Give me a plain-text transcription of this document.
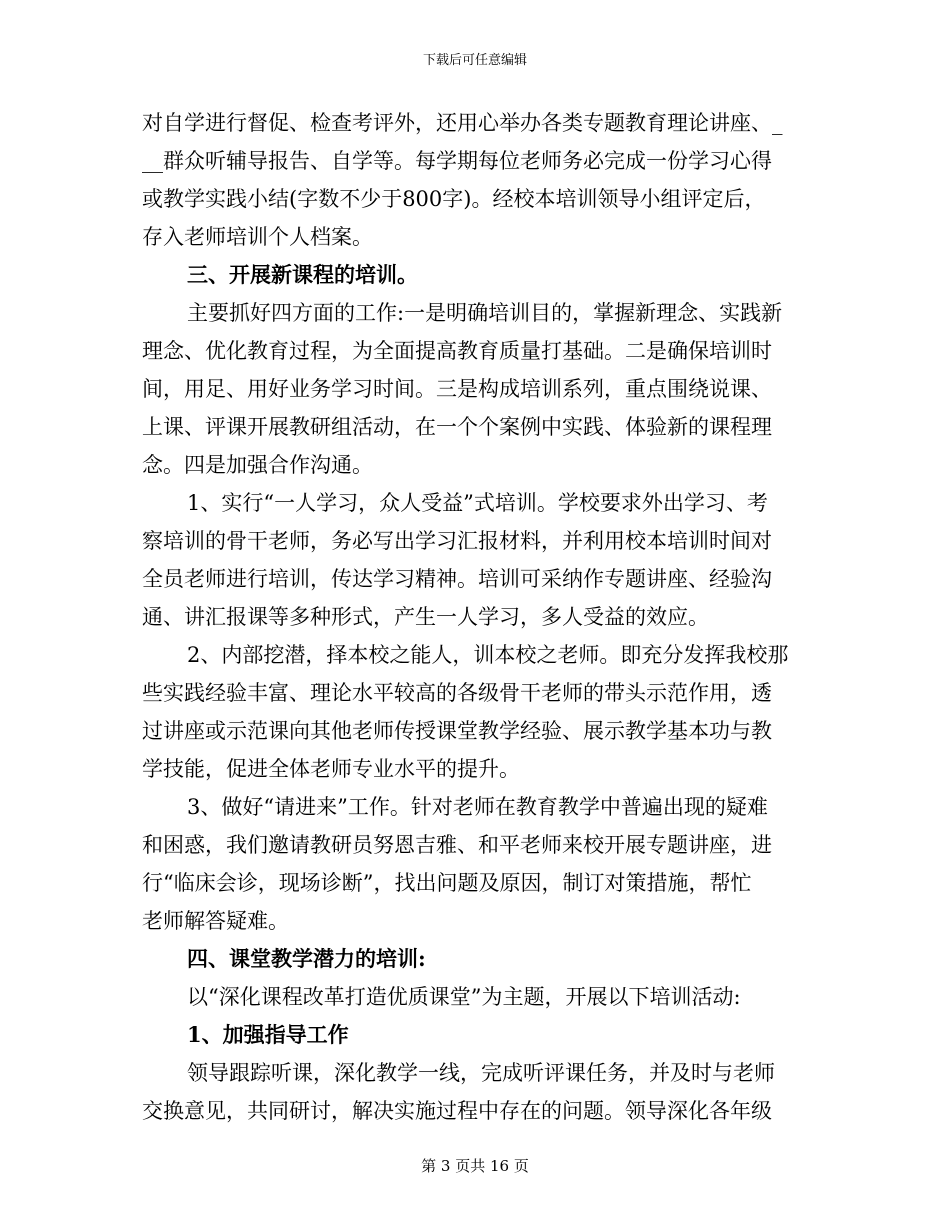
下载后可任意编辑
对自学进行督促、检查考评外，还用心举办各类专题教育理论讲座、_
__群众听辅导报告、自学等。每学期每位老师务必完成一份学习心得
或教学实践小结(字数不少于800字)。经校本培训领导小组评定后，
存入老师培训个人档案。
三、开展新课程的培训。
主要抓好四方面的工作:一是明确培训目的，掌握新理念、实践新
理念、优化教育过程，为全面提高教育质量打基础。二是确保培训时
间，用足、用好业务学习时间。三是构成培训系列，重点围绕说课、
上课、评课开展教研组活动，在一个个案例中实践、体验新的课程理
念。四是加强合作沟通。
1、实行“一人学习，众人受益”式培训。学校要求外出学习、考
察培训的骨干老师，务必写出学习汇报材料，并利用校本培训时间对
全员老师进行培训，传达学习精神。培训可采纳作专题讲座、经验沟
通、讲汇报课等多种形式，产生一人学习，多人受益的效应。
2、内部挖潜，择本校之能人，训本校之老师。即充分发挥我校那
些实践经验丰富、理论水平较高的各级骨干老师的带头示范作用，透
过讲座或示范课向其他老师传授课堂教学经验、展示教学基本功与教
学技能，促进全体老师专业水平的提升。
3、做好“请进来”工作。针对老师在教育教学中普遍出现的疑难
和困惑，我们邀请教研员努恩吉雅、和平老师来校开展专题讲座，进
行“临床会诊，现场诊断”，找出问题及原因，制订对策措施，帮忙
老师解答疑难。
四、课堂教学潜力的培训:
以“深化课程改革打造优质课堂”为主题，开展以下培训活动:
1、加强指导工作
领导跟踪听课，深化教学一线，完成听评课任务，并及时与老师
交换意见，共同研讨，解决实施过程中存在的问题。领导深化各年级
第 3 页共 16 页
